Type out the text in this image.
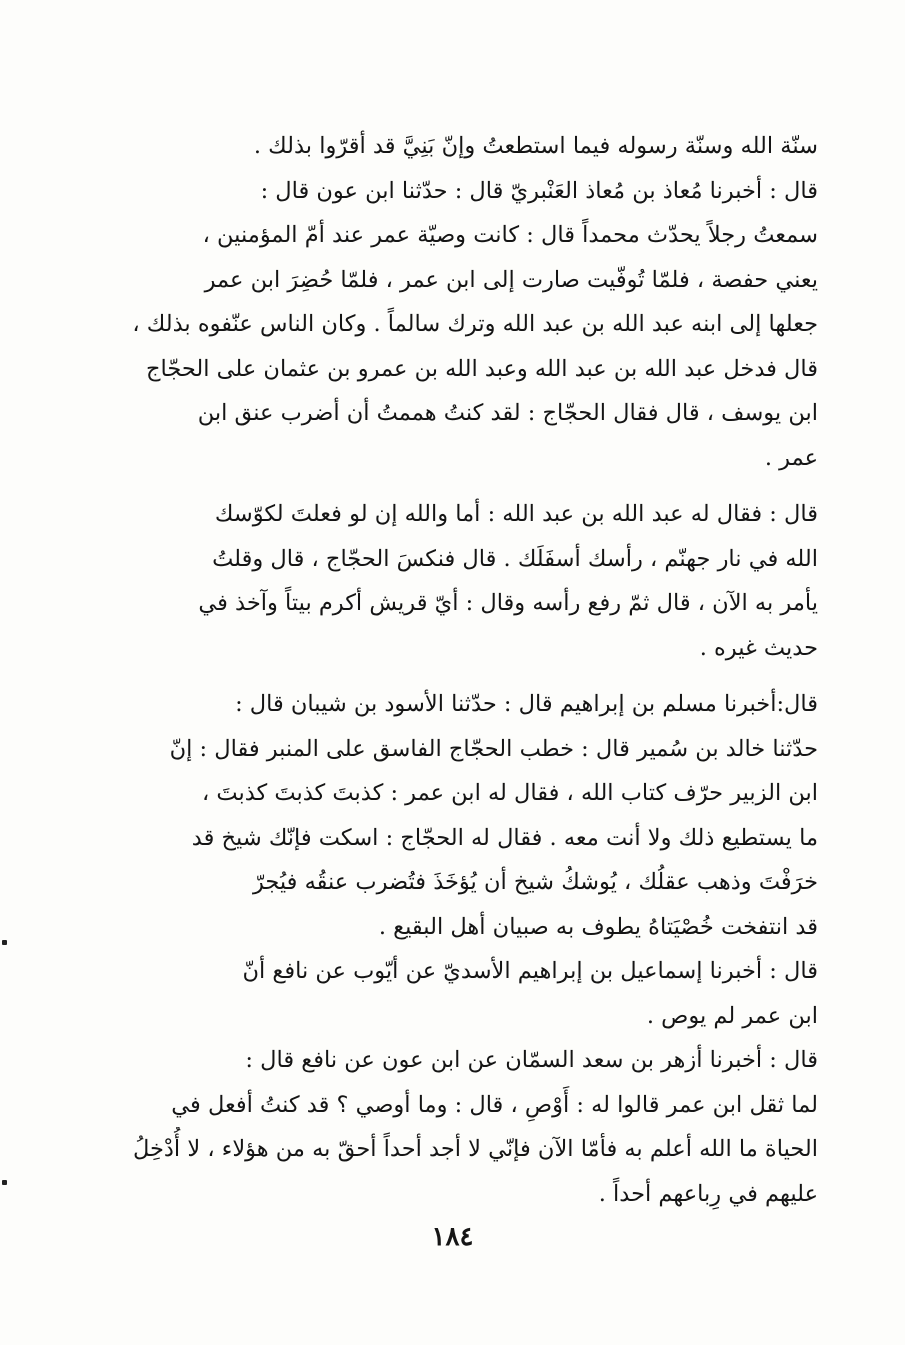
سنّة الله وسنّة رسوله فيما استطعتُ وإنّ بَنِيَّ قد أقرّوا بذلك .
قال : أخبرنا مُعاذ بن مُعاذ العَنْبريّ قال : حدّثنا ابن عون قال :
سمعتُ رجلاً يحدّث محمداً قال : كانت وصيّة عمر عند أمّ المؤمنين ،
يعني حفصة ، فلمّا تُوفّيت صارت إلى ابن عمر ، فلمّا حُضِرَ ابن عمر
جعلها إلى ابنه عبد الله بن عبد الله وترك سالماً . وكان الناس عنّفوه بذلك ،
قال فدخل عبد الله بن عبد الله وعبد الله بن عمرو بن عثمان على الحجّاج
ابن يوسف ، قال فقال الحجّاج : لقد كنتُ هممتُ أن أضرب عنق ابن
عمر .
قال : فقال له عبد الله بن عبد الله : أما والله إن لو فعلتَ لكوّسك
الله في نار جهنّم ، رأسك أسفَلَك . قال فنكسَ الحجّاج ، قال وقلتُ
يأمر به الآن ، قال ثمّ رفع رأسه وقال : أيّ قريش أكرم بيتاً وآخذ في
حديث غيره .
قال:أخبرنا مسلم بن إبراهيم قال : حدّثنا الأسود بن شيبان قال :
حدّثنا خالد بن سُمير قال : خطب الحجّاج الفاسق على المنبر فقال : إنّ
ابن الزبير حرّف كتاب الله ، فقال له ابن عمر : كذبتَ كذبتَ كذبتَ ،
ما يستطيع ذلك ولا أنت معه . فقال له الحجّاج : اسكت فإنّك شيخ قد
خرَفْتَ وذهب عقلُك ، يُوشكُ شيخ أن يُؤخَذَ فتُضرب عنقُه فيُجرّ
قد انتفخت خُصْيَتاهُ يطوف به صبيان أهل البقيع .
قال : أخبرنا إسماعيل بن إبراهيم الأسديّ عن أيّوب عن نافع أنّ
ابن عمر لم يوص .
قال : أخبرنا أزهر بن سعد السمّان عن ابن عون عن نافع قال :
لما ثقل ابن عمر قالوا له : أَوْصِ ، قال : وما أوصي ؟ قد كنتُ أفعل في
الحياة ما الله أعلم به فأمّا الآن فإنّي لا أجد أحداً أحقّ به من هؤلاء ، لا أُدْخِلُ
عليهم في رِباعهم أحداً .
١٨٤
